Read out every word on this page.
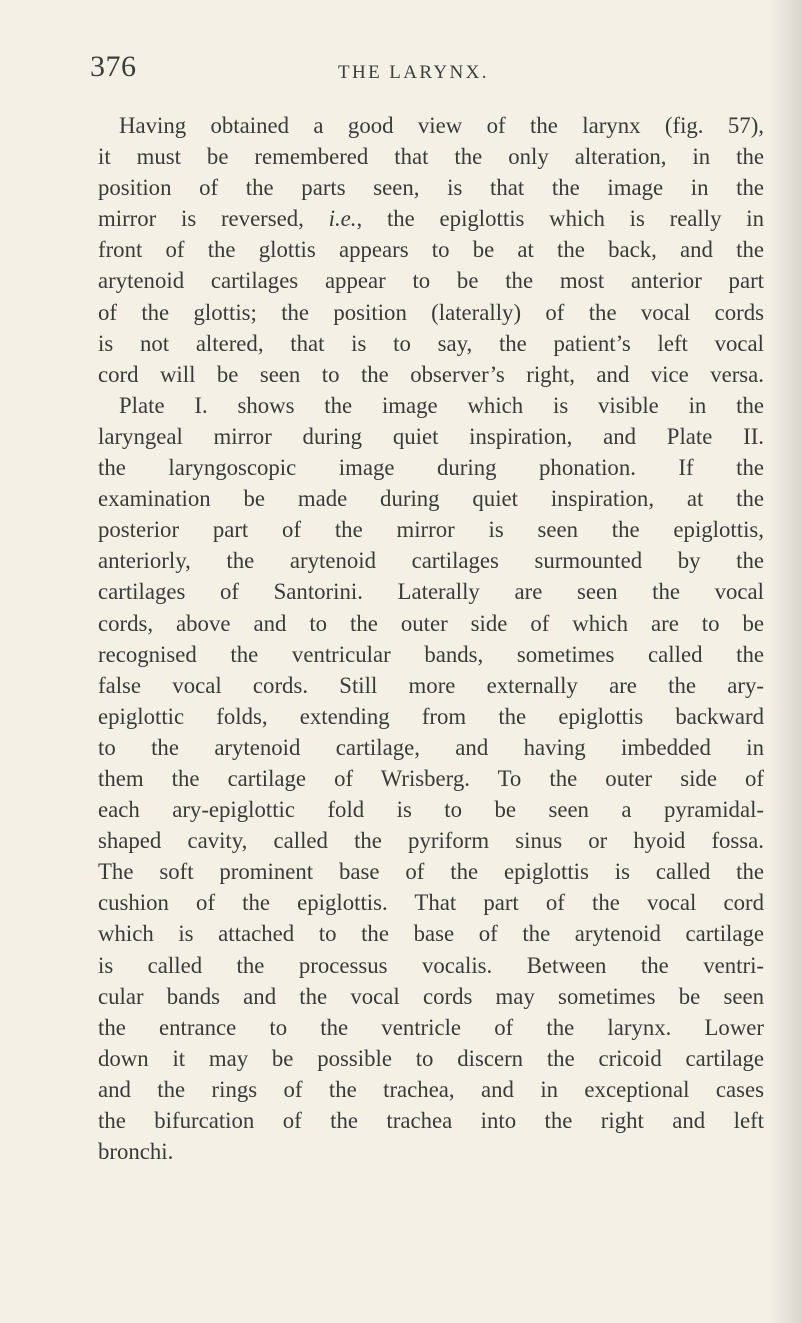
376	THE LARYNX.
Having obtained a good view of the larynx (fig. 57),
it must be remembered that the only alteration, in the
position of the parts seen, is that the image in the
mirror is reversed, i.e., the epiglottis which is really in
front of the glottis appears to be at the back, and the
arytenoid cartilages appear to be the most anterior part
of the glottis; the position (laterally) of the vocal cords
is not altered, that is to say, the patient’s left vocal
cord will be seen to the observer’s right, and vice versa.
Plate I. shows the image which is visible in the
laryngeal mirror during quiet inspiration, and Plate II.
the laryngoscopic image during phonation. If the
examination be made during quiet inspiration, at the
posterior part of the mirror is seen the epiglottis,
anteriorly, the arytenoid cartilages surmounted by the
cartilages of Santorini. Laterally are seen the vocal
cords, above and to the outer side of which are to be
recognised the ventricular bands, sometimes called the
false vocal cords. Still more externally are the ary-
epiglottic folds, extending from the epiglottis backward
to the arytenoid cartilage, and having imbedded in
them the cartilage of Wrisberg. To the outer side of
each ary-epiglottic fold is to be seen a pyramidal-
shaped cavity, called the pyriform sinus or hyoid fossa.
The soft prominent base of the epiglottis is called the
cushion of the epiglottis. That part of the vocal cord
which is attached to the base of the arytenoid cartilage
is called the processus vocalis. Between the ventri-
cular bands and the vocal cords may sometimes be seen
the entrance to the ventricle of the larynx. Lower
down it may be possible to discern the cricoid cartilage
and the rings of the trachea, and in exceptional cases
the bifurcation of the trachea into the right and left
bronchi.
